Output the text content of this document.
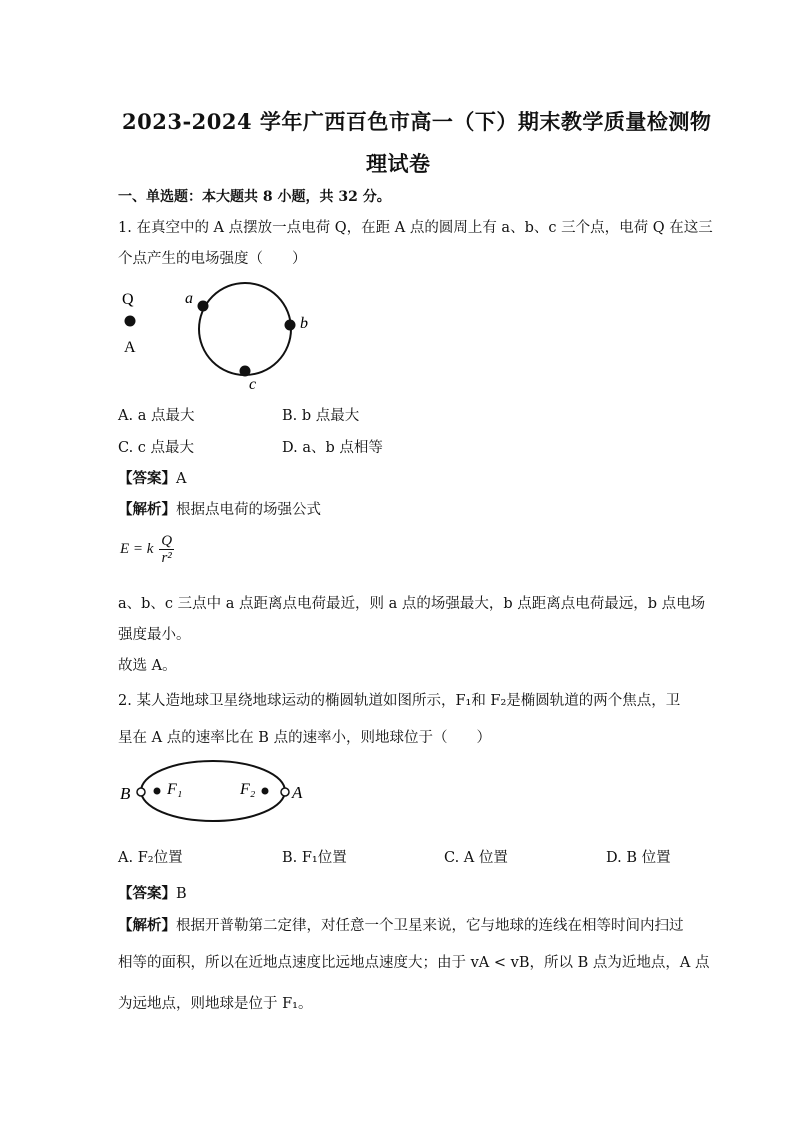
2023-2024 学年广西百色市高一（下）期末教学质量检测物
理试卷
一、单选题：本大题共 8 小题，共 32 分。
1. 在真空中的 A 点摆放一点电荷 Q，在距 A 点的圆周上有 a、b、c 三个点，电荷 Q 在这三
个点产生的电场强度（　　）
Q
A
a
b
c
A. a 点最大	B. b 点最大
C. c 点最大	D. a、b 点相等
【答案】A
【解析】根据点电荷的场强公式
E = k $\frac{Q}{\text{r²}}$
a、b、c 三点中 a 点距离点电荷最近，则 a 点的场强最大，b 点距离点电荷最远，b 点电场
强度最小。
故选 A。
2. 某人造地球卫星绕地球运动的椭圆轨道如图所示，F₁和 F₂是椭圆轨道的两个焦点，卫
星在 A 点的速率比在 B 点的速率小，则地球位于（　　）
B F₁	F₂ A
A. F₂位置	B. F₁位置	C. A 位置	D. B 位置
【答案】B
【解析】根据开普勒第二定律，对任意一个卫星来说，它与地球的连线在相等时间内扫过
相等的面积，所以在近地点速度比远地点速度大；由于 vA < vB，所以 B 点为近地点，A 点
为远地点，则地球是位于 F₁。
